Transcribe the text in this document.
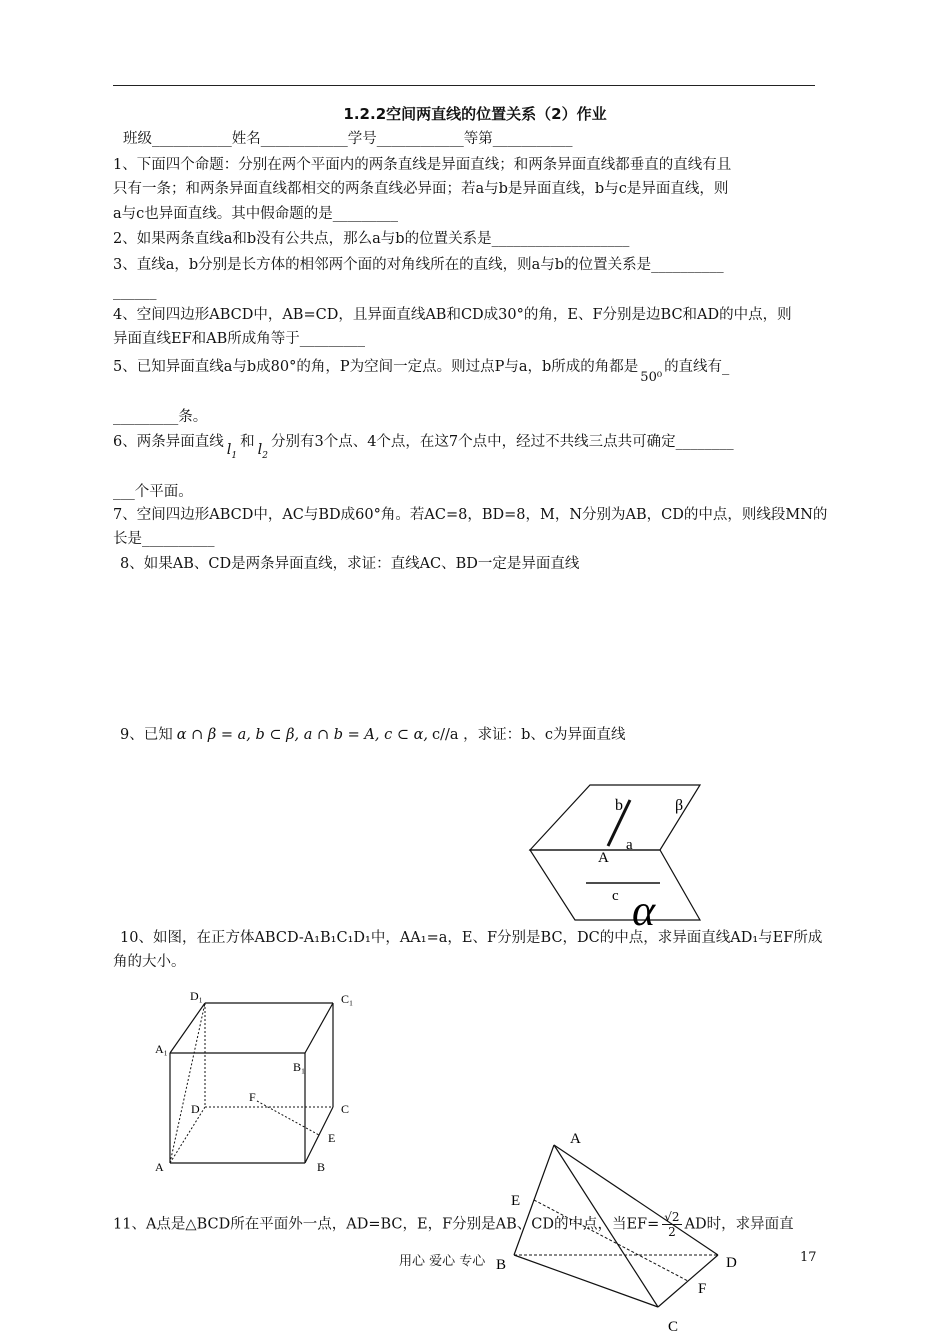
1.2.2空间两直线的位置关系（2）作业
班级___________姓名____________学号____________等第___________
1、下面四个命题：分别在两个平面内的两条直线是异面直线；和两条异面直线都垂直的直线有且
只有一条；和两条异面直线都相交的两条直线必异面；若a与b是异面直线，b与c是异面直线，则
a与c也异面直线。其中假命题的是_________
2、如果两条直线a和b没有公共点，那么a与b的位置关系是___________________
3、直线a，b分别是长方体的相邻两个面的对角线所在的直线，则a与b的位置关系是__________
______
4、空间四边形ABCD中，AB=CD，且异面直线AB和CD成30°的角，E、F分别是边BC和AD的中点，则
异面直线EF和AB所成角等于_________
5、已知异面直线a与b成80°的角，P为空间一定点。则过点P与a，b所成的角都是50⁰的直线有_
_________条。
6、两条异面直线 $l_1$和 $l_2$分别有3个点、4个点，在这7个点中，经过不共线三点共可确定________
___个平面。
7、空间四边形ABCD中，AC与BD成60°角。若AC=8，BD=8，M，N分别为AB，CD的中点，则线段MN的
长是__________
8、如果AB、CD是两条异面直线，求证：直线AC、BD一定是异面直线
9、已知 α ∩ β = a, b ⊂ β, a ∩ b = A, c ⊂ α, c//a ，求证：b、c为异面直线
b	β
A
a
c α
10、如图，在正方体ABCD-A₁B₁C₁D₁中，AA₁=a，E、F分别是BC，DC的中点，求异面直线AD₁与EF所成
角的大小。
D₁	C₁
A₁
B₁
F
D	C
E
A	B
11、A点是△BCD所在平面外一点，AD=BC，E，F分别是AB、CD的中点，当$EF= \frac{√2}{2}$ AD时，求异面直
A
E
B	D
F
C
用心 爱心 专心	17
